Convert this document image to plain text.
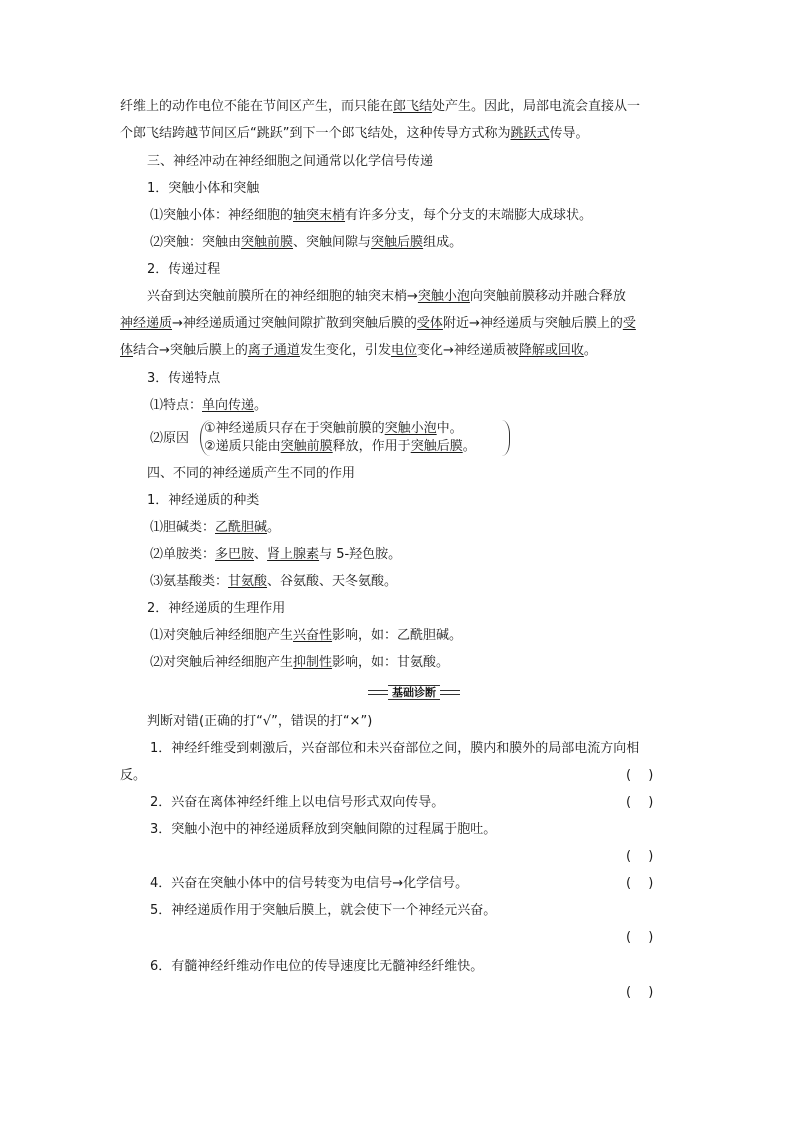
纤维上的动作电位不能在节间区产生，而只能在郎飞结处产生。因此，局部电流会直接从一
个郎飞结跨越节间区后“跳跃”到下一个郎飞结处，这种传导方式称为跳跃式传导。
三、神经冲动在神经细胞之间通常以化学信号传递
1．突触小体和突触
⑴突触小体：神经细胞的轴突末梢有许多分支，每个分支的末端膨大成球状。
⑵突触：突触由突触前膜、突触间隙与突触后膜组成。
2．传递过程
兴奋到达突触前膜所在的神经细胞的轴突末梢→突触小泡向突触前膜移动并融合释放
神经递质→神经递质通过突触间隙扩散到突触后膜的受体附近→神经递质与突触后膜上的受
体结合→突触后膜上的离子通道发生变化，引发电位变化→神经递质被降解或回收。
3．传递特点
⑴特点：单向传递。
⑵原因
①神经递质只存在于突触前膜的突触小泡中。
②递质只能由突触前膜释放，作用于突触后膜。
四、不同的神经递质产生不同的作用
1．神经递质的种类
⑴胆碱类：乙酰胆碱。
⑵单胺类：多巴胺、肾上腺素与 5-羟色胺。
⑶氨基酸类：甘氨酸、谷氨酸、天冬氨酸。
2．神经递质的生理作用
⑴对突触后神经细胞产生兴奋性影响，如：乙酰胆碱。
⑵对突触后神经细胞产生抑制性影响，如：甘氨酸。
基础诊断
判断对错(正确的打“√”，错误的打“×”)
1．神经纤维受到刺激后，兴奋部位和未兴奋部位之间，膜内和膜外的局部电流方向相
反。	(　 )
2．兴奋在离体神经纤维上以电信号形式双向传导。	(　 )
3．突触小泡中的神经递质释放到突触间隙的过程属于胞吐。
(　 )
4．兴奋在突触小体中的信号转变为电信号→化学信号。	(　 )
5．神经递质作用于突触后膜上，就会使下一个神经元兴奋。
(　 )
6．有髓神经纤维动作电位的传导速度比无髓神经纤维快。
(　 )
